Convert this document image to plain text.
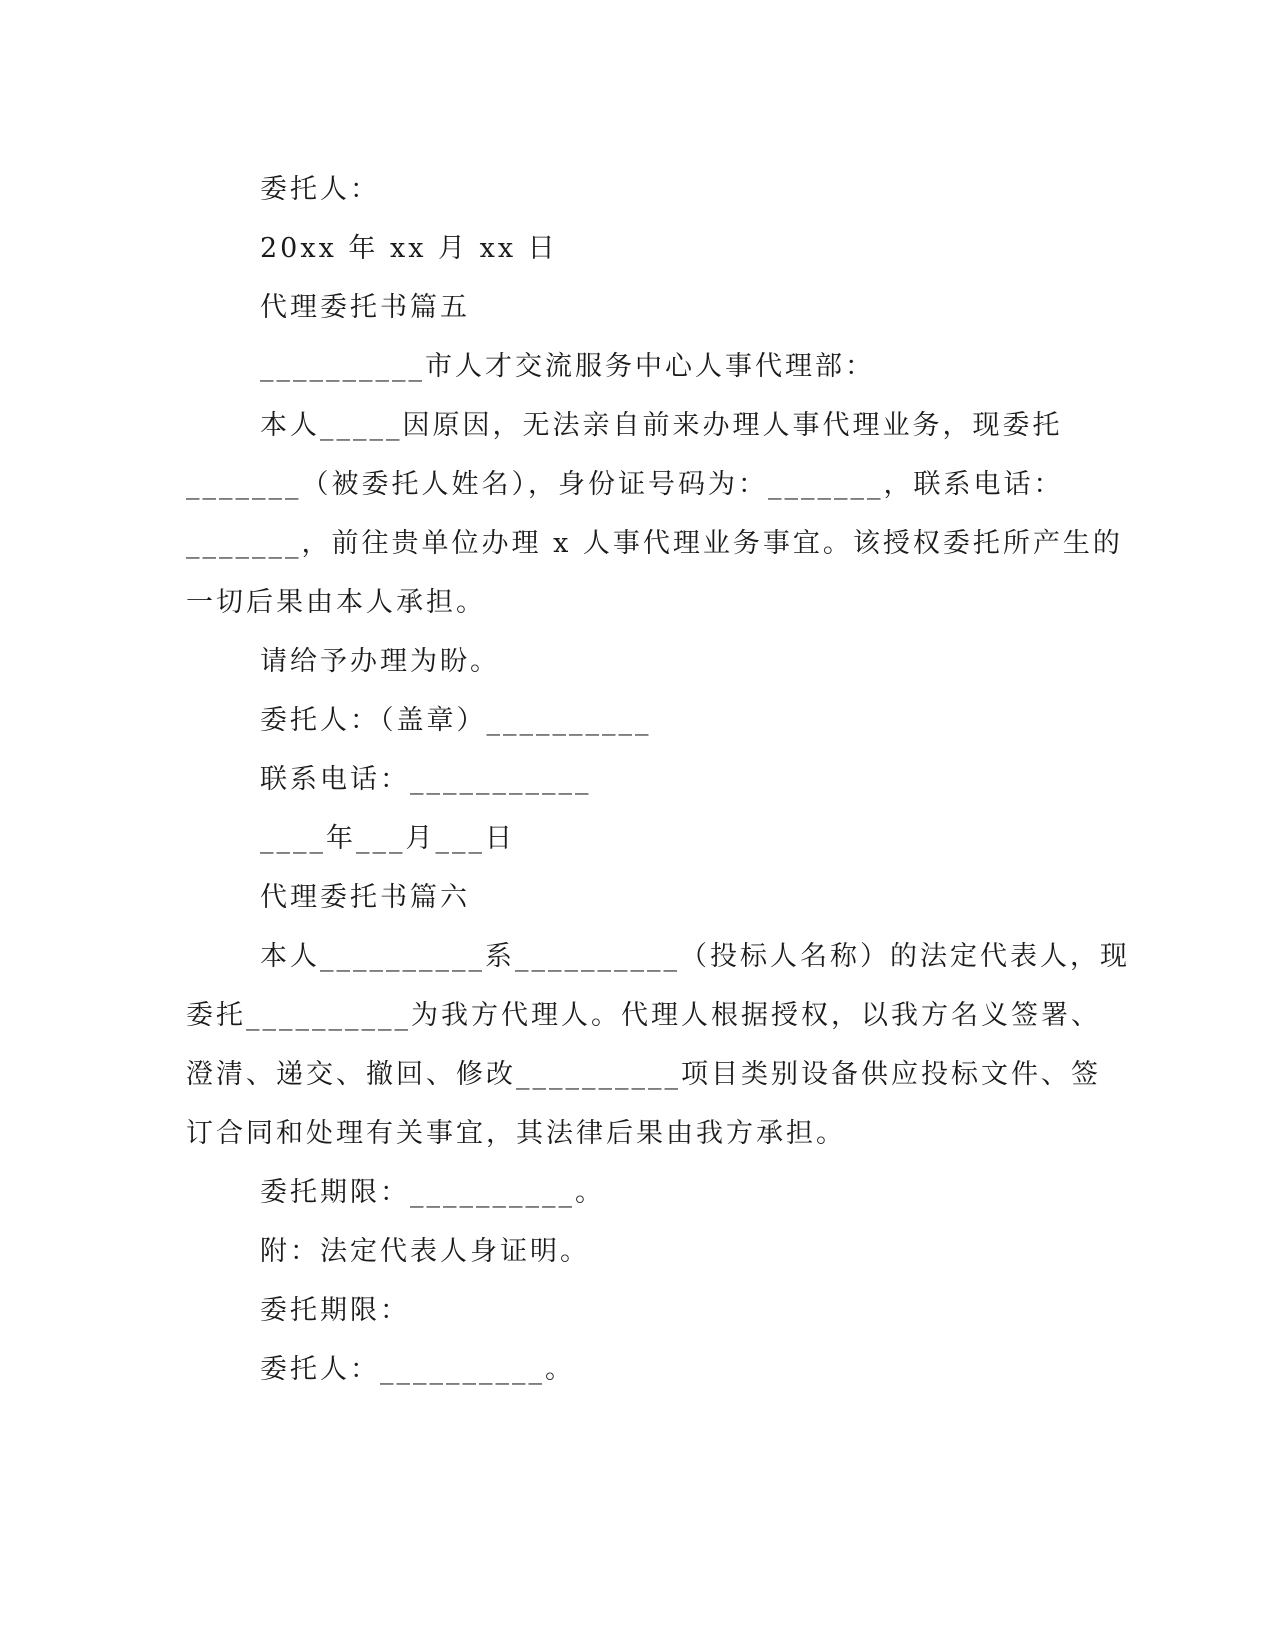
委托人：
20xx 年 xx 月 xx 日
代理委托书篇五
__________市人才交流服务中心人事代理部：
本人_____因原因，无法亲自前来办理人事代理业务，现委托
_______（被委托人姓名），身份证号码为：_______，联系电话：
_______，前往贵单位办理 x 人事代理业务事宜。该授权委托所产生的
一切后果由本人承担。
请给予办理为盼。
委托人：（盖章）__________
联系电话：___________
____年___月___日
代理委托书篇六
本人__________系__________（投标人名称）的法定代表人，现
委托__________为我方代理人。代理人根据授权，以我方名义签署、
澄清、递交、撤回、修改__________项目类别设备供应投标文件、签
订合同和处理有关事宜，其法律后果由我方承担。
委托期限：__________。
附：法定代表人身证明。
委托期限：
委托人：__________。
